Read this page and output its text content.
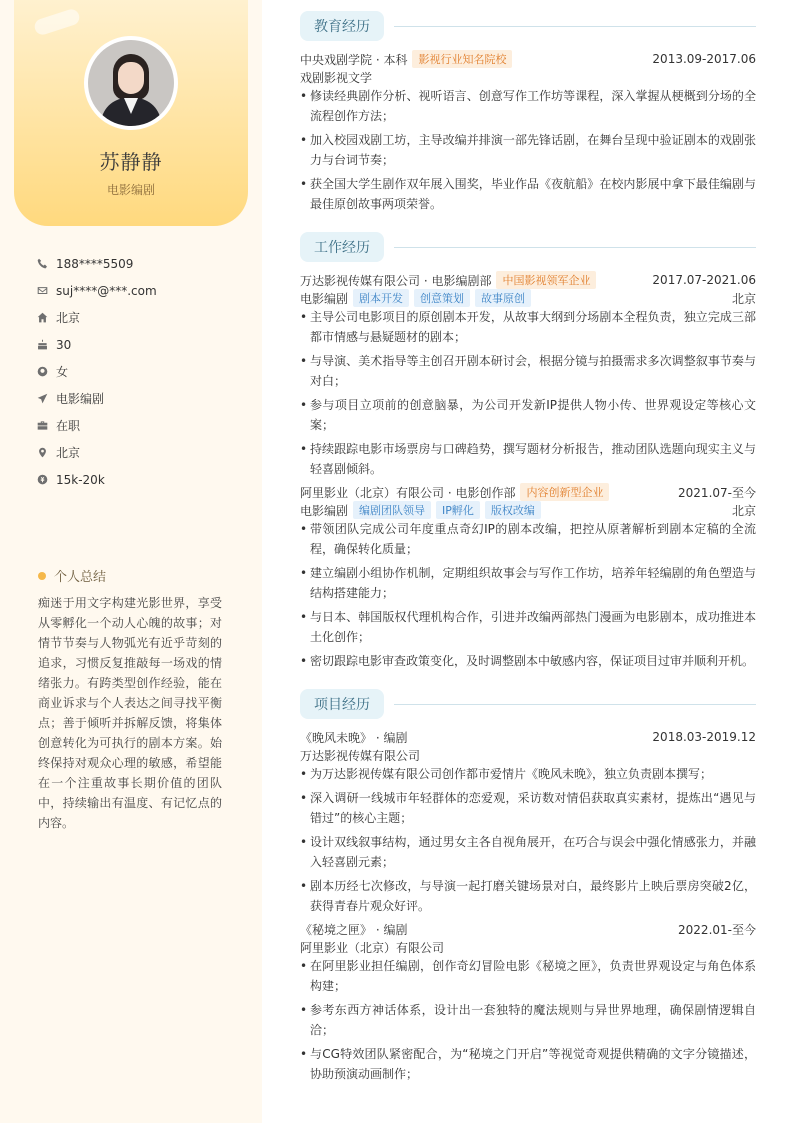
苏静静
电影编剧
188****5509
suj****@***.com
北京
30
女
电影编剧
在职
北京
15k-20k
个人总结

痴迷于用文字构建光影世界，享受从零孵化一个动人心魄的故事；对情节节奏与人物弧光有近乎苛刻的追求，习惯反复推敲每一场戏的情绪张力。有跨类型创作经验，能在商业诉求与个人表达之间寻找平衡点；善于倾听并拆解反馈，将集体创意转化为可执行的剧本方案。始终保持对观众心理的敏感，希望能在一个注重故事长期价值的团队中，持续输出有温度、有记忆点的内容。

教育经历
中央戏剧学院 · 本科	影视行业知名院校	2013.09-2017.06
戏剧影视文学
• 修读经典剧作分析、视听语言、创意写作工作坊等课程，深入掌握从梗概到分场的全流程创作方法；
• 加入校园戏剧工坊，主导改编并排演一部先锋话剧，在舞台呈现中验证剧本的戏剧张力与台词节奏；
• 获全国大学生剧作双年展入围奖，毕业作品《夜航船》在校内影展中拿下最佳编剧与最佳原创故事两项荣誉。
工作经历
万达影视传媒有限公司 · 电影编剧部	中国影视领军企业	2017.07-2021.06
电影编剧	剧本开发	创意策划	故事原创	北京
• 主导公司电影项目的原创剧本开发，从故事大纲到分场剧本全程负责，独立完成三部都市情感与悬疑题材的剧本；
• 与导演、美术指导等主创召开剧本研讨会，根据分镜与拍摄需求多次调整叙事节奏与对白；
• 参与项目立项前的创意脑暴，为公司开发新IP提供人物小传、世界观设定等核心文案；
• 持续跟踪电影市场票房与口碑趋势，撰写题材分析报告，推动团队选题向现实主义与轻喜剧倾斜。
阿里影业（北京）有限公司 · 电影创作部	内容创新型企业	2021.07-至今
电影编剧	编剧团队领导	IP孵化	版权改编	北京
• 带领团队完成公司年度重点奇幻IP的剧本改编，把控从原著解析到剧本定稿的全流程，确保转化质量；
• 建立编剧小组协作机制，定期组织故事会与写作工作坊，培养年轻编剧的角色塑造与结构搭建能力；
• 与日本、韩国版权代理机构合作，引进并改编两部热门漫画为电影剧本，成功推进本土化创作；
• 密切跟踪电影审查政策变化，及时调整剧本中敏感内容，保证项目过审并顺利开机。
项目经历
《晚风未晚》 · 编剧	2018.03-2019.12
万达影视传媒有限公司
• 为万达影视传媒有限公司创作都市爱情片《晚风未晚》，独立负责剧本撰写；
• 深入调研一线城市年轻群体的恋爱观，采访数对情侣获取真实素材，提炼出“遇见与错过”的核心主题；
• 设计双线叙事结构，通过男女主各自视角展开，在巧合与误会中强化情感张力，并融入轻喜剧元素；
• 剧本历经七次修改，与导演一起打磨关键场景对白，最终影片上映后票房突破2亿，获得青春片观众好评。
《秘境之匣》 · 编剧	2022.01-至今
阿里影业（北京）有限公司
• 在阿里影业担任编剧，创作奇幻冒险电影《秘境之匣》，负责世界观设定与角色体系构建；
• 参考东西方神话体系，设计出一套独特的魔法规则与异世界地理，确保剧情逻辑自洽；
• 与CG特效团队紧密配合，为“秘境之门开启”等视觉奇观提供精确的文字分镜描述，协助预演动画制作；
